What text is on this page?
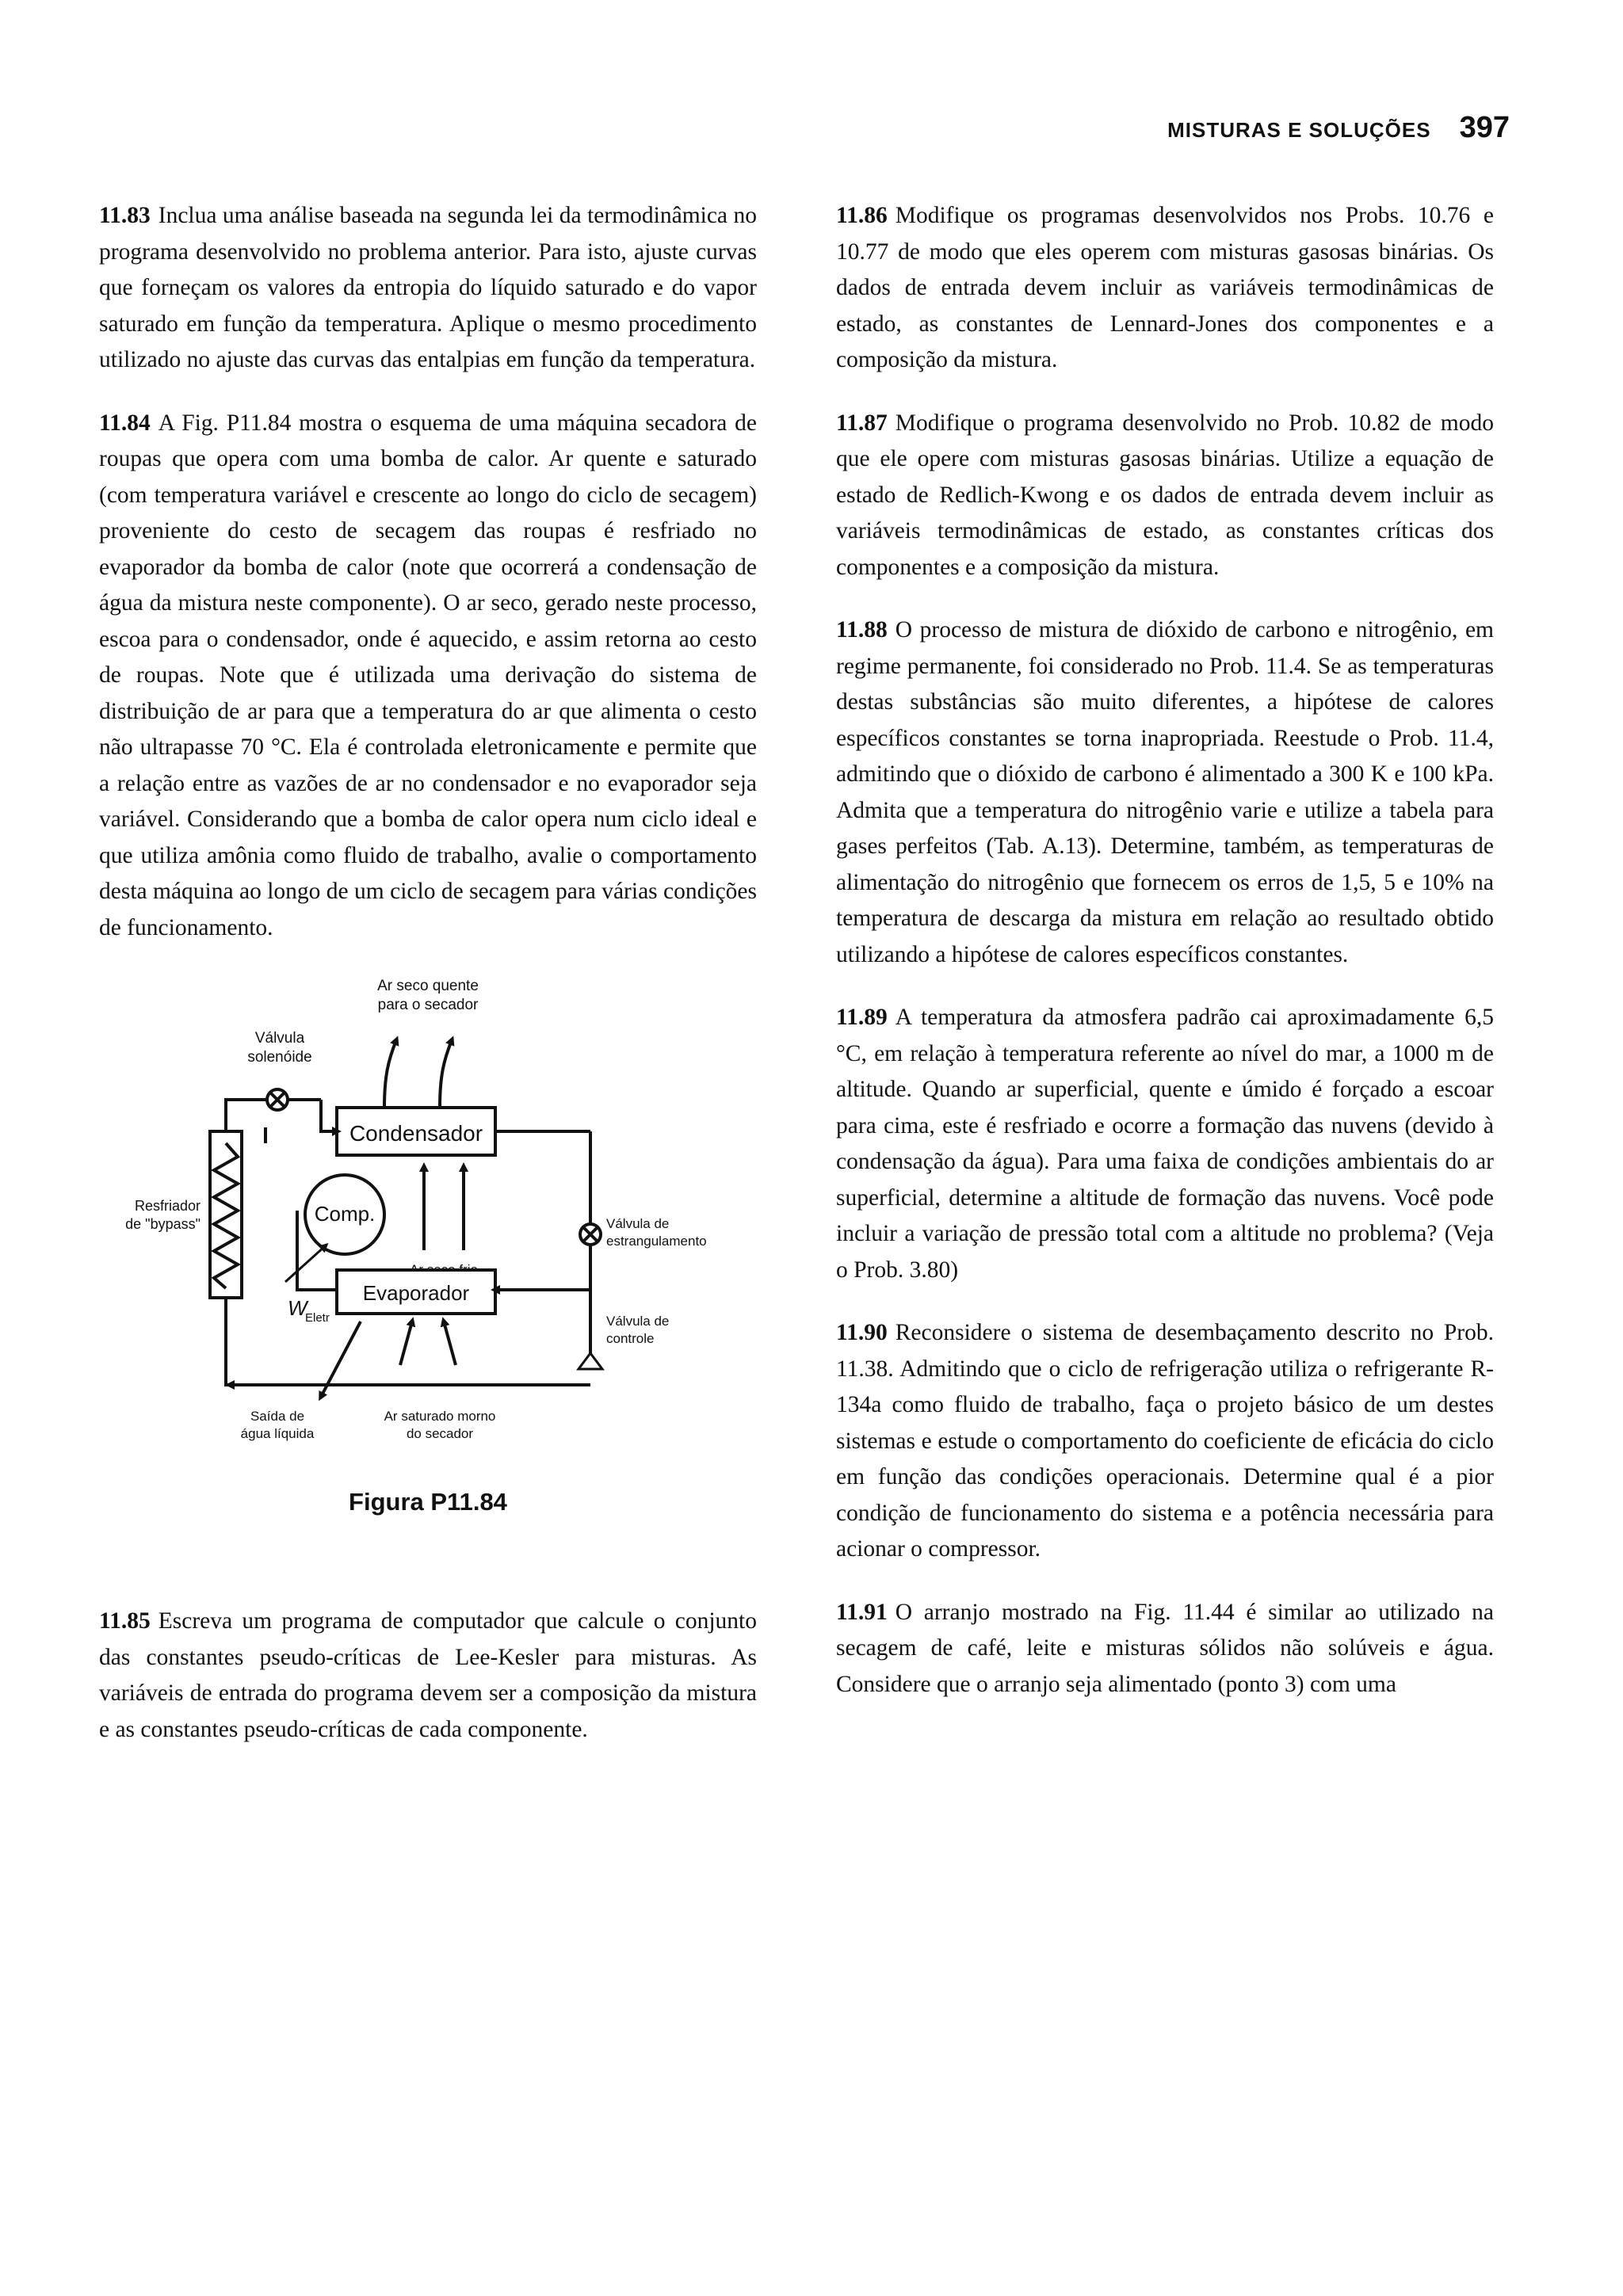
MISTURAS E SOLUÇÕES 397

11.83 Inclua uma análise baseada na segunda lei da termodinâmica no programa desenvolvido no problema anterior. Para isto, ajuste curvas que forneçam os valores da entropia do líquido saturado e do vapor saturado em função da temperatura. Aplique o mesmo procedimento utilizado no ajuste das curvas das entalpias em função da temperatura.

11.84 A Fig. P11.84 mostra o esquema de uma máquina secadora de roupas que opera com uma bomba de calor. Ar quente e saturado (com temperatura variável e crescente ao longo do ciclo de secagem) proveniente do cesto de secagem das roupas é resfriado no evaporador da bomba de calor (note que ocorrerá a condensação de água da mistura neste componente). O ar seco, gerado neste processo, escoa para o condensador, onde é aquecido, e assim retorna ao cesto de roupas. Note que é utilizada uma derivação do sistema de distribuição de ar para que a temperatura do ar que alimenta o cesto não ultrapasse 70 °C. Ela é controlada eletronicamente e permite que a relação entre as vazões de ar no condensador e no evaporador seja variável. Considerando que a bomba de calor opera num ciclo ideal e que utiliza amônia como fluido de trabalho, avalie o comportamento desta máquina ao longo de um ciclo de secagem para várias condições de funcionamento.

Condensador
Válvula
solenóide
Comp.
W
Eletr
Resfriador
de "bypass"
Ar seco quente
para o secador
Válvula de
estrangulamento
Evaporador
Válvula de
controle
Ar saturado morno
do secador
Saída de
água líquida
Figura P11.84

11.85 Escreva um programa de computador que calcule o conjunto das constantes pseudo-críticas de Lee-Kesler para misturas. As variáveis de entrada do programa devem ser a composição da mistura e as constantes pseudo-críticas de cada componente.

11.86 Modifique os programas desenvolvidos nos Probs. 10.76 e 10.77 de modo que eles operem com misturas gasosas binárias. Os dados de entrada devem incluir as variáveis termodinâmicas de estado, as constantes de Lennard-Jones dos componentes e a composição da mistura.

11.87 Modifique o programa desenvolvido no Prob. 10.82 de modo que ele opere com misturas gasosas binárias. Utilize a equação de estado de Redlich-Kwong e os dados de entrada devem incluir as variáveis termodinâmicas de estado, as constantes críticas dos componentes e a composição da mistura.

11.88 O processo de mistura de dióxido de carbono e nitrogênio, em regime permanente, foi considerado no Prob. 11.4. Se as temperaturas destas substâncias são muito diferentes, a hipótese de calores específicos constantes se torna inapropriada. Reestude o Prob. 11.4, admitindo que o dióxido de carbono é alimentado a 300 K e 100 kPa. Admita que a temperatura do nitrogênio varie e utilize a tabela para gases perfeitos (Tab. A.13). Determine, também, as temperaturas de alimentação do nitrogênio que fornecem os erros de 1,5, 5 e 10% na temperatura de descarga da mistura em relação ao resultado obtido utilizando a hipótese de calores específicos constantes.

11.89 A temperatura da atmosfera padrão cai aproximadamente 6,5 °C, em relação à temperatura referente ao nível do mar, a 1000 m de altitude. Quando ar superficial, quente e úmido é forçado a escoar para cima, este é resfriado e ocorre a formação das nuvens (devido à condensação da água). Para uma faixa de condições ambientais do ar superficial, determine a altitude de formação das nuvens. Você pode incluir a variação de pressão total com a altitude no problema? (Veja o Prob. 3.80)

11.90 Reconsidere o sistema de desembaçamento descrito no Prob. 11.38. Admitindo que o ciclo de refrigeração utiliza o refrigerante R-134a como fluido de trabalho, faça o projeto básico de um destes sistemas e estude o comportamento do coeficiente de eficácia do ciclo em função das condições operacionais. Determine qual é a pior condição de funcionamento do sistema e a potência necessária para acionar o compressor.

11.91 O arranjo mostrado na Fig. 11.44 é similar ao utilizado na secagem de café, leite e misturas sólidos não solúveis e água. Considere que o arranjo seja alimentado (ponto 3) com uma
